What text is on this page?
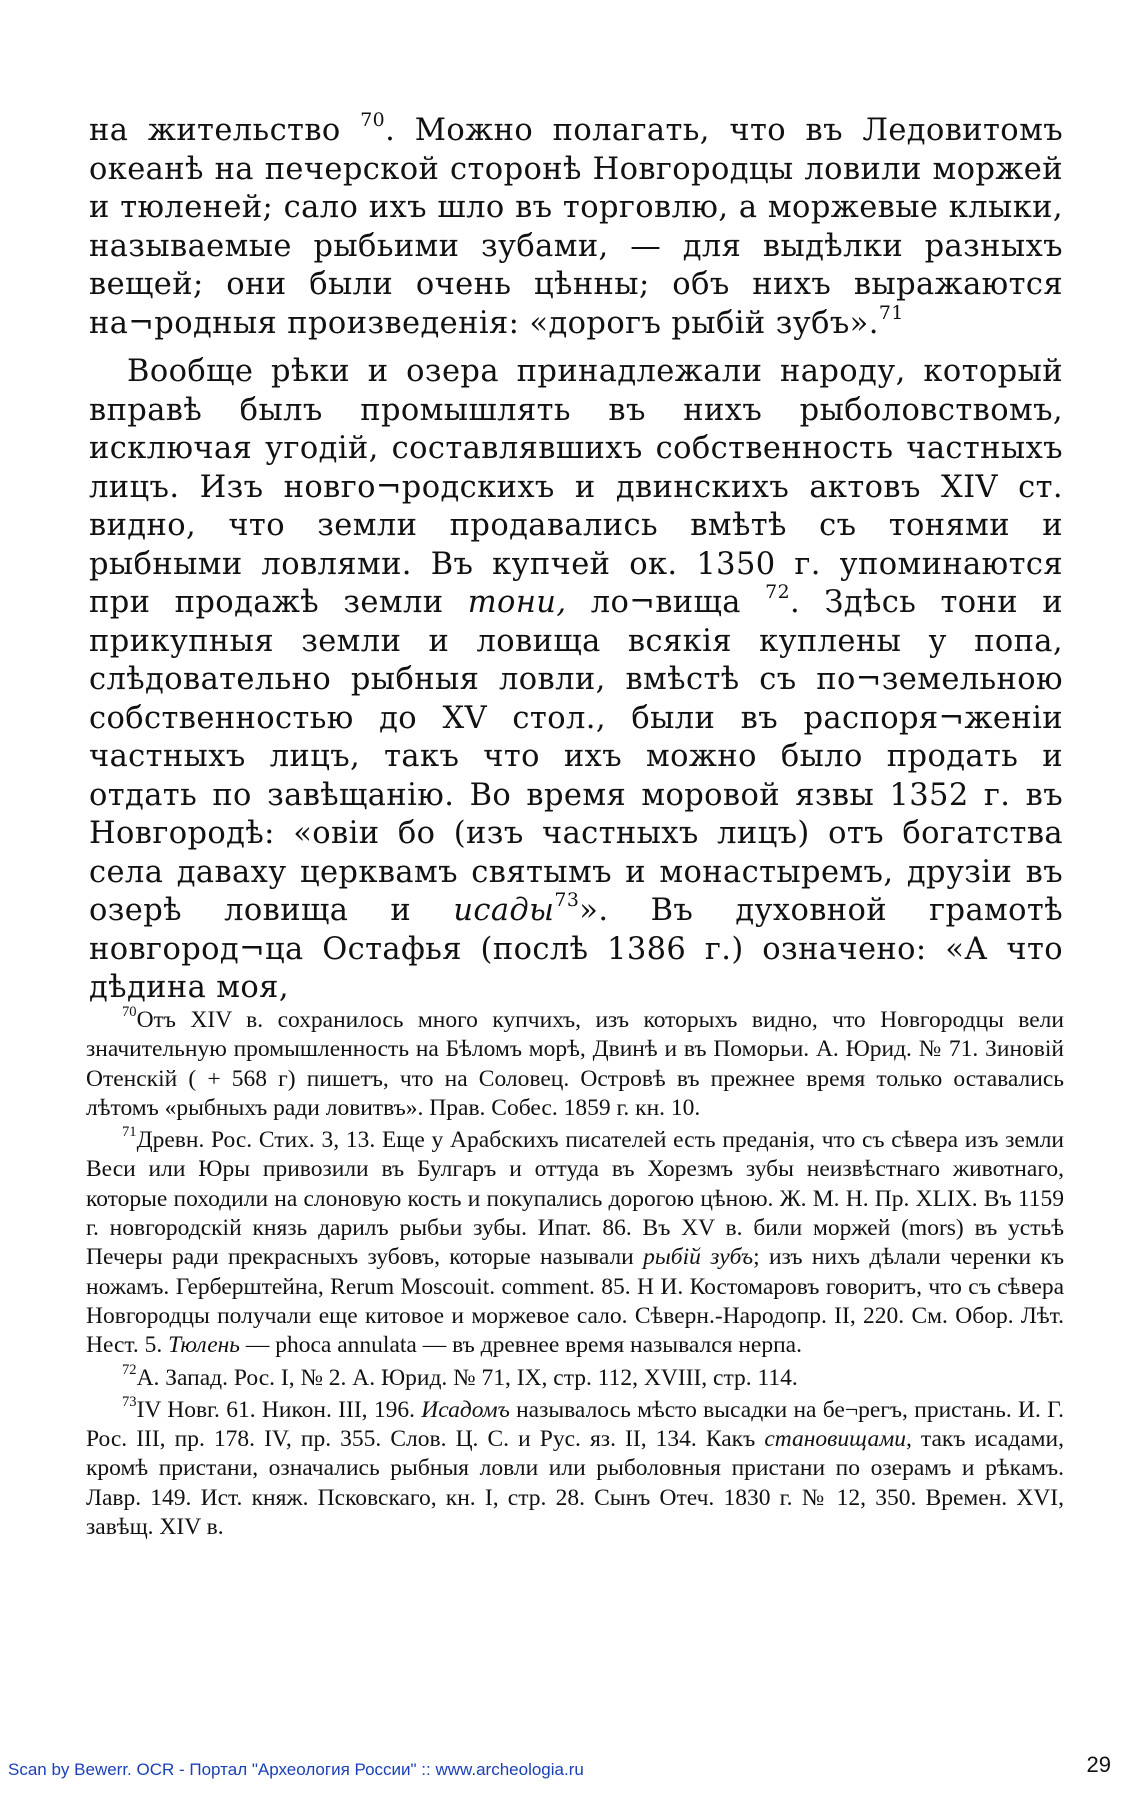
на жительство $^{70}$. Можно полагать, что въ Ледовитомъ океанѣ на печерской сторонѣ Новгородцы ловили моржей и тюленей; сало ихъ шло въ торговлю, а моржевые клыки, называемые рыбьими зубами, — для выдѣлки разныхъ вещей; они были очень цѣнны; объ нихъ выражаются на¬родныя произведенія: «дорогъ рыбій зубъ».$^{71}$

Вообще рѣки и озера принадлежали народу, который вправѣ былъ промышлять въ нихъ рыболовствомъ, исключая угодій, составлявшихъ собственность частныхъ лицъ. Изъ новго¬родскихъ и двинскихъ актовъ XIV ст. видно, что земли продавались вмѣтѣ съ тонями и рыбными ловлями. Въ купчей ок. 1350 г. упоминаются при продажѣ земли тони, ло¬вища $^{72}$. Здѣсь тони и прикупныя земли и ловища всякія куплены у попа, слѣдовательно рыбныя ловли, вмѣстѣ съ по¬земельною собственностью до XV стол., были въ распоря¬женіи частныхъ лицъ, такъ что ихъ можно было продать и отдать по завѣщанію. Во время моровой язвы 1352 г. въ Новгородѣ: «овіи бо (изъ частныхъ лицъ) отъ богатства села даваху церквамъ святымъ и монастыремъ, друзіи въ озерѣ ловища и исады$^{73}$». Въ духовной грамотѣ новгород¬ца Остафья (послѣ 1386 г.) означено: «А что дѣдина моя,

$^{70}$Отъ XIV в. сохранилось много купчихъ, изъ которыхъ видно, что Новгородцы вели значительную промышленность на Бѣломъ морѣ, Двинѣ и въ Поморьи. А. Юрид. № 71. Зиновій Отенскій ( + 568 г) пишетъ, что на Соловец. Островѣ въ прежнее время только оставались лѣтомъ «рыбныхъ ради ловитвъ». Прав. Собес. 1859 г. кн. 10.

$^{71}$Древн. Рос. Стих. 3, 13. Еще у Арабскихъ писателей есть преданія, что съ сѣвера изъ земли Веси или Юры привозили въ Булгаръ и оттуда въ Хорезмъ зубы неизвѣстнаго животнаго, которые походили на слоновую кость и покупались дорогою цѣною. Ж. М. Н. Пр. XLIX. Въ 1159 г. новгородскій князь дарилъ рыбьи зубы. Ипат. 86. Въ XV в. били моржей (mors) въ устьѣ Печеры ради прекрасныхъ зубовъ, которые называли рыбій зубъ; изъ нихъ дѣлали черенки къ ножамъ. Герберштейна, Rerum Moscouit. comment. 85. Н И. Костомаровъ говоритъ, что съ сѣвера Новгородцы получали еще китовое и моржевое сало. Сѣверн.-Народопр. II, 220. См. Обор. Лѣт. Нест. 5. Тюлень — phoca annulata — въ древнее время назывался нерпа.

$^{72}$А. Запад. Рос. I, № 2. А. Юрид. № 71, IX, стр. 112, XVIII, стр. 114.

$^{73}$IV Новг. 61. Никон. III, 196. Исадомъ называлось мѣсто высадки на бе¬регъ, пристань. И. Г. Рос. III, пр. 178. IV, пр. 355. Слов. Ц. С. и Рус. яз. II, 134. Какъ становищами, такъ исадами, кромѣ пристани, означались рыбныя ловли или рыболовныя пристани по озерамъ и рѣкамъ. Лавр. 149. Ист. княж. Псковскаго, кн. I, стр. 28. Сынъ Отеч. 1830 г. № 12, 350. Времен. XVI, завѣщ. XIV в.

Scan by Bewerr. OCR - Портал "Археология России" :: www.archeologia.ru	29
